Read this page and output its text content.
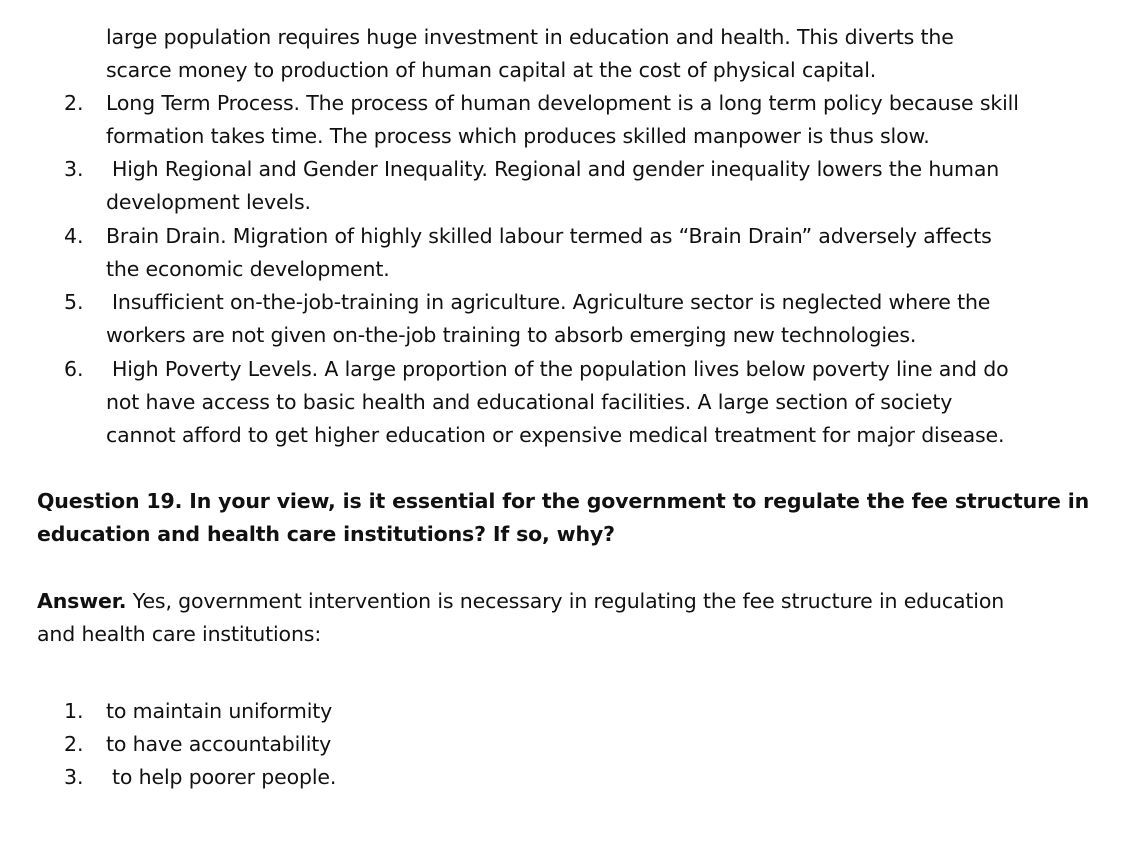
large population requires huge investment in education and health. This diverts the
scarce money to production of human capital at the cost of physical capital.
2. Long Term Process. The process of human development is a long term policy because skill
formation takes time. The process which produces skilled manpower is thus slow.
3. High Regional and Gender Inequality. Regional and gender inequality lowers the human
development levels.
4. Brain Drain. Migration of highly skilled labour termed as “Brain Drain” adversely affects
the economic development.
5. Insufficient on-the-job-training in agriculture. Agriculture sector is neglected where the
workers are not given on-the-job training to absorb emerging new technologies.
6. High Poverty Levels. A large proportion of the population lives below poverty line and do
not have access to basic health and educational facilities. A large section of society
cannot afford to get higher education or expensive medical treatment for major disease.
Question 19. In your view, is it essential for the government to regulate the fee structure in
education and health care institutions? If so, why?
Answer. Yes, government intervention is necessary in regulating the fee structure in education
and health care institutions:
1. to maintain uniformity
2. to have accountability
3. to help poorer people.
